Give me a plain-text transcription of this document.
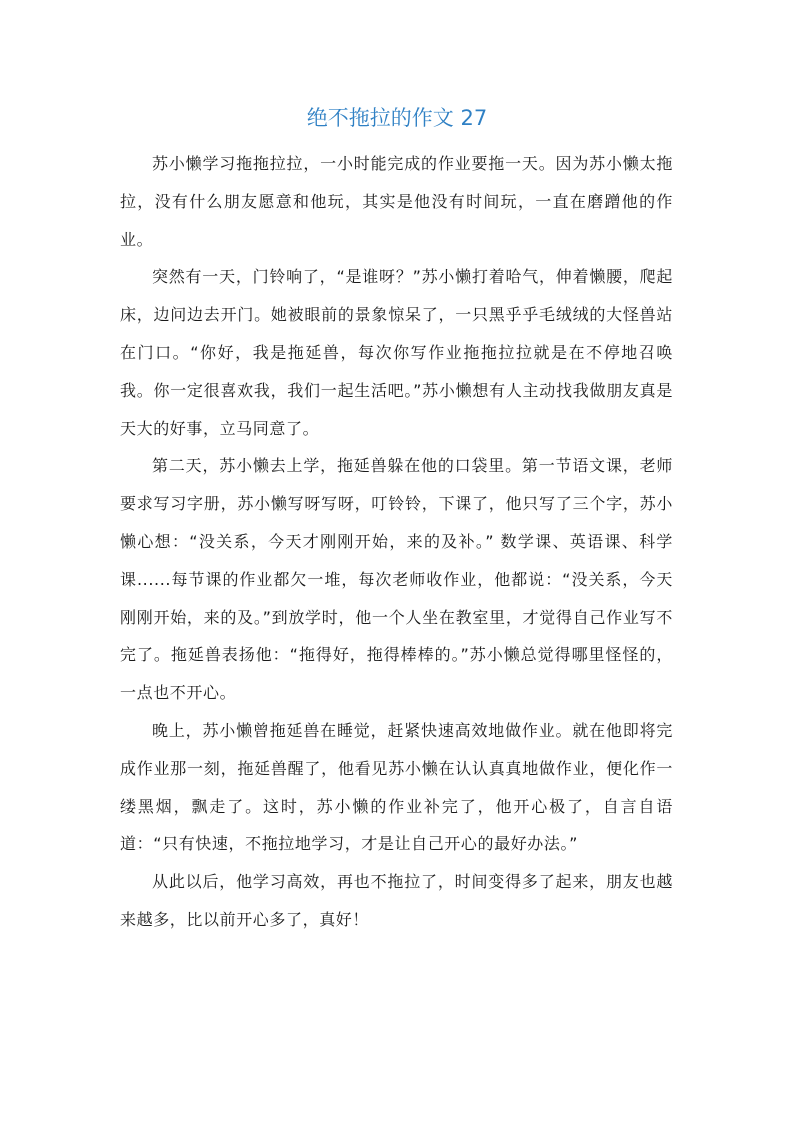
绝不拖拉的作文 27

苏小懒学习拖拖拉拉，一小时能完成的作业要拖一天。因为苏小懒太拖拉，没有什么朋友愿意和他玩，其实是他没有时间玩，一直在磨蹭他的作业。

突然有一天，门铃响了，“是谁呀？”苏小懒打着哈气，伸着懒腰，爬起床，边问边去开门。她被眼前的景象惊呆了，一只黑乎乎毛绒绒的大怪兽站在门口。“你好，我是拖延兽，每次你写作业拖拖拉拉就是在不停地召唤我。你一定很喜欢我，我们一起生活吧。”苏小懒想有人主动找我做朋友真是天大的好事，立马同意了。

第二天，苏小懒去上学，拖延兽躲在他的口袋里。第一节语文课，老师要求写习字册，苏小懒写呀写呀，叮铃铃，下课了，他只写了三个字，苏小懒心想：“没关系，今天才刚刚开始，来的及补。” 数学课、英语课、科学课......每节课的作业都欠一堆，每次老师收作业，他都说：“没关系，今天刚刚开始，来的及。”到放学时，他一个人坐在教室里，才觉得自己作业写不完了。拖延兽表扬他：“拖得好，拖得棒棒的。”苏小懒总觉得哪里怪怪的，一点也不开心。

晚上，苏小懒曾拖延兽在睡觉，赶紧快速高效地做作业。就在他即将完成作业那一刻，拖延兽醒了，他看见苏小懒在认认真真地做作业，便化作一缕黑烟，飘走了。这时，苏小懒的作业补完了，他开心极了，自言自语道：“只有快速，不拖拉地学习，才是让自己开心的最好办法。”

从此以后，他学习高效，再也不拖拉了，时间变得多了起来，朋友也越来越多，比以前开心多了，真好！
